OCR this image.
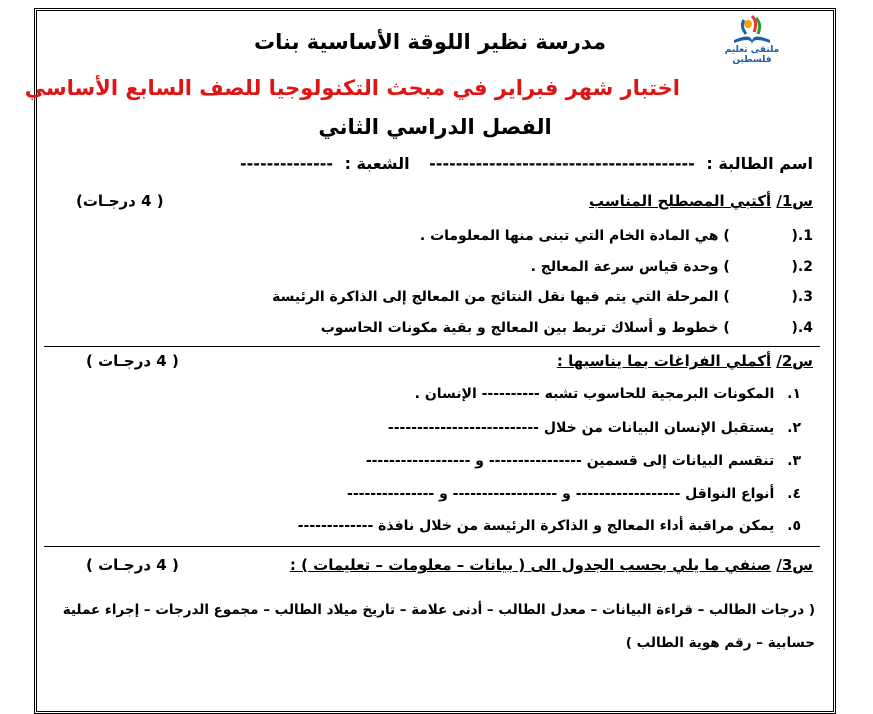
ملتقى تعليم فلسطين
مدرسة نظير اللوقة الأساسية بنات
اختبار شهر فبراير في مبحث التكنولوجيا للصف السابع الأساسي
الفصل الدراسي الثاني
اسم الطالبة : ---------------------------------------- الشعبة : --------------
س1/ أكتبي المصطلح المناسب
( 4 درجـات)
1.(  ) هي المادة الخام التي تبنى منها المعلومات .
2.(  ) وحدة قياس سرعة المعالج .
3.(  ) المرحلة التي يتم فيها نقل النتائج من المعالج إلى الذاكرة الرئيسة
4.(  ) خطوط و أسلاك تربط بين المعالج و بقية مكونات الحاسوب
س2/ أكملي الفراغات بما يناسبها :
( 4 درجـات )
١. المكونات البرمجية للحاسوب تشبه ---------- الإنسان .
٢. يستقبل الإنسان البيانات من خلال --------------------------
٣. تنقسم البيانات إلى قسمين ---------------- و ------------------
٤. أنواع النواقل ------------------ و ------------------ و ---------------
٥. يمكن مراقبة أداء المعالج و الذاكرة الرئيسة من خلال نافذة -------------
س3/ صنفي ما يلي بحسب الجدول الى ( بيانات – معلومات – تعليمات ) :
( 4 درجـات )
( درجات الطالب – قراءة البيانات – معدل الطالب – أدنى علامة – تاريخ ميلاد الطالب – مجموع الدرجات – إجراء عملية
حسابية – رقم هوية الطالب )
